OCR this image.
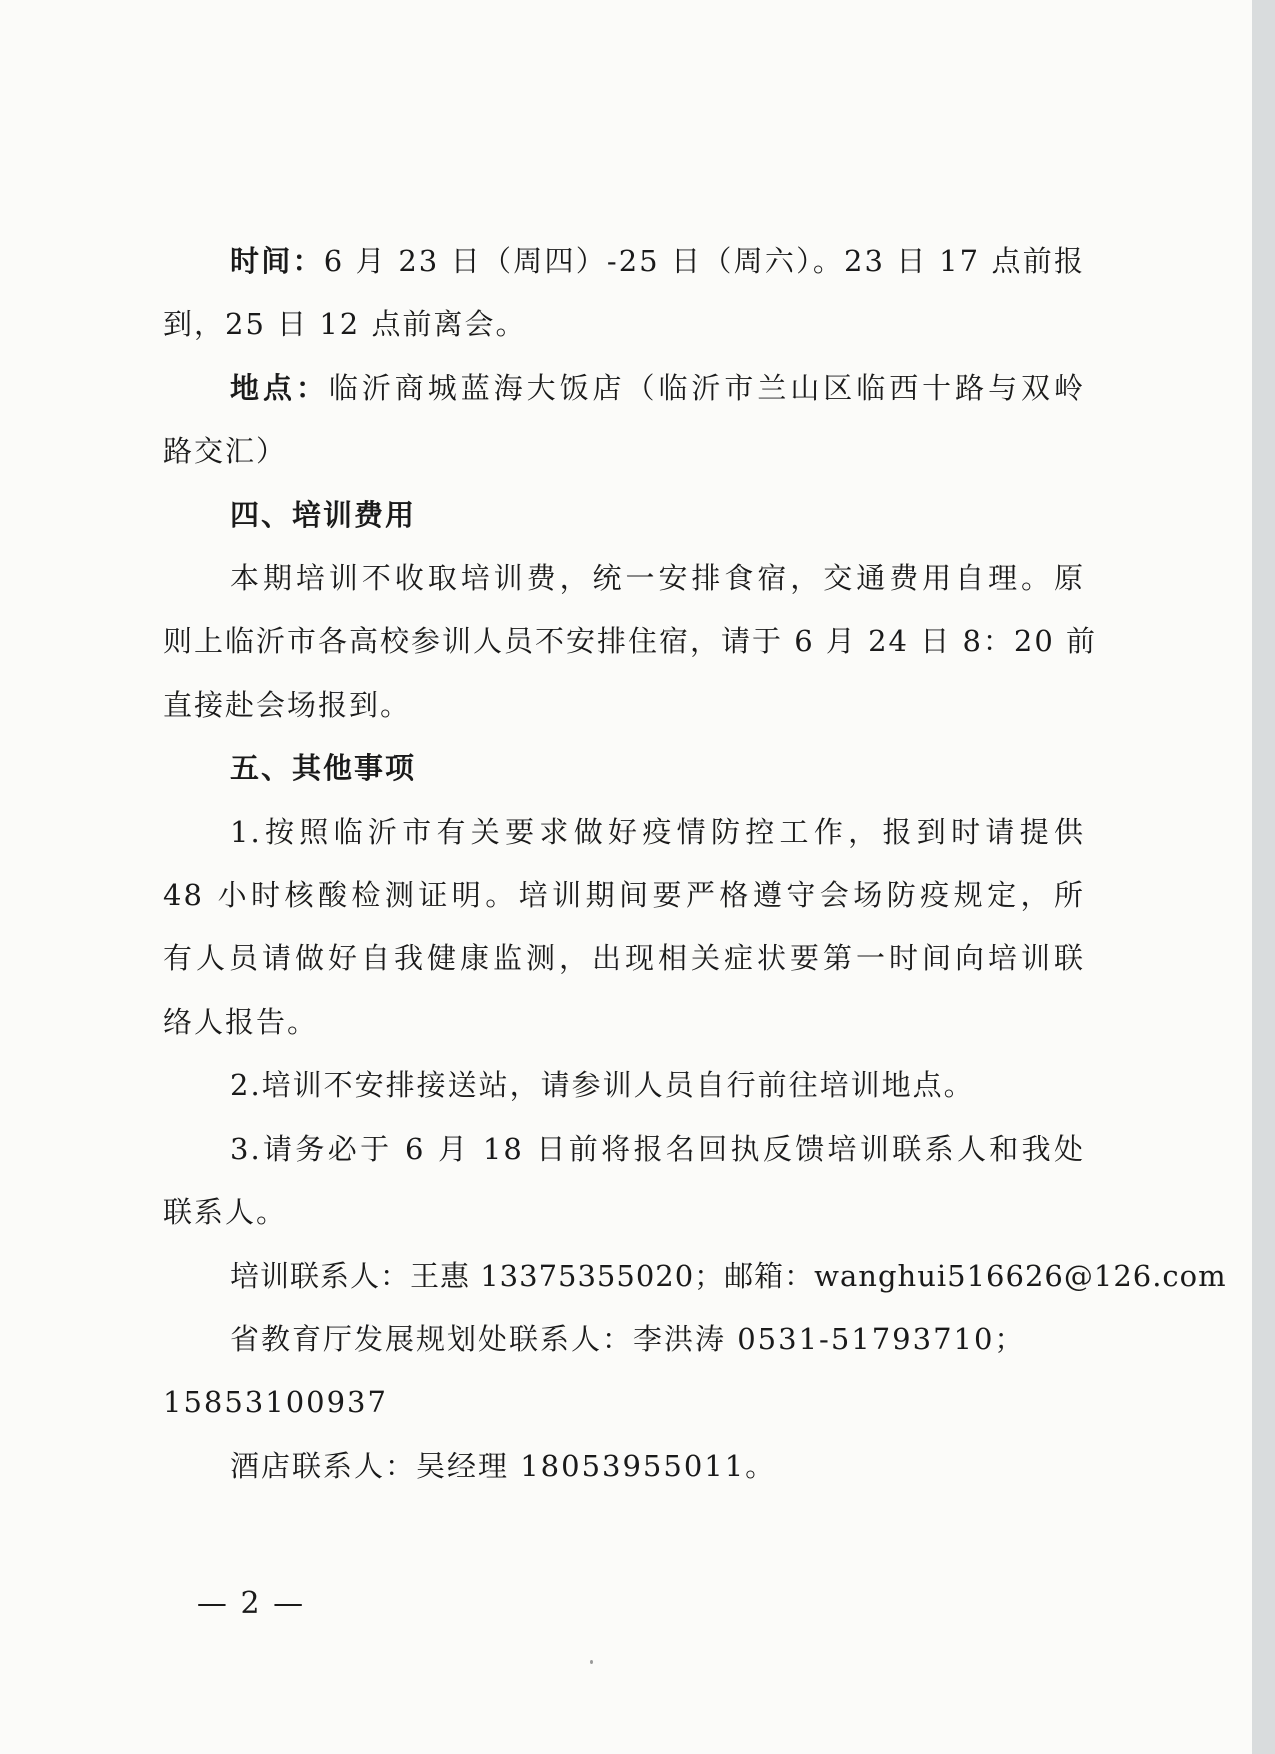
时间：6 月 23 日（周四）-25 日（周六）。23 日 17 点前报
到，25 日 12 点前离会。
地点：临沂商城蓝海大饭店（临沂市兰山区临西十路与双岭
路交汇）
四、培训费用
本期培训不收取培训费，统一安排食宿，交通费用自理。原
则上临沂市各高校参训人员不安排住宿，请于 6 月 24 日 8：20 前
直接赴会场报到。
五、其他事项
1.按照临沂市有关要求做好疫情防控工作，报到时请提供
48 小时核酸检测证明。培训期间要严格遵守会场防疫规定，所
有人员请做好自我健康监测，出现相关症状要第一时间向培训联
络人报告。
2.培训不安排接送站，请参训人员自行前往培训地点。
3.请务必于 6 月 18 日前将报名回执反馈培训联系人和我处
联系人。
培训联系人：王惠 13375355020；邮箱：wanghui516626@126.com
省教育厅发展规划处联系人：李洪涛 0531-51793710；
15853100937
酒店联系人：吴经理 18053955011。
— 2 —
